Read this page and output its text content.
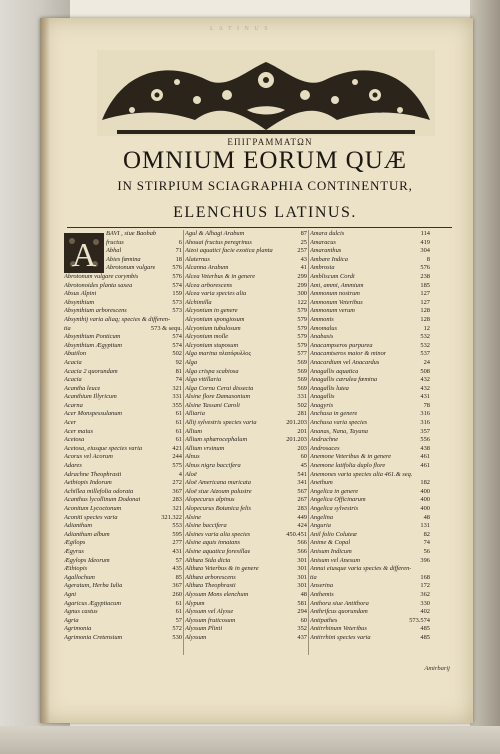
L A T I N U S
ΕΠΙΓΡΑΜΜΑΤΩΝ
OMNIUM EORUM QUÆ
IN STIRPIUM SCIAGRAPHIA CONTINENTUR,
ELENCHUS LATINUS.
BAVI , siue Baobab
fructus	6
Abhal	71
Abies fœmina	18
Abrotonum vulgare	576
Abrotonum vulgare corymbis	576
Abrotonoides planta saxea	574
Absus Alpini	159
Absynthium	573
Absynthium arborescens	573
Absynthij varia aliaq; species & differen-
tia	573 & sequ.
Absynthium Ponticum	574
Absynthium Ægyptium	574
Abutilon	502
Acacia	92
Acacia 2 quorundam	81
Acacia	74
Acantha leuce	321
Acanthium Illyricum	331
Acarna	355
Acer Monspessulanum	61
Acer	61
Acer maius	61
Acetosa	61
Acetosa, eiusque species varia	421
Acorus vel Acorum	244
Adares	575
Adrachne Theophrasti	4
Aethiopis Indorum	272
Achillea millefolia odorata	367
Acanthus lycollinum Dodonai	283
Aconitum Lycoctonum	321
Aconiti species varia	321.322
Adianthum	553
Adianthum album	595
Ægilops	277
Ægyrus	431
Ægylops Ideorum	57
Æthiopis	435
Agallochum	85
Ageratum, Herba Iulia	367
Agni	260
Agaricus Ægyptiacum	61
Agnus castus	61
Agria	57
Agrimonia	572
Agrimonia Cretensium	530
Agul & Alhagi Arabum	87
Ahouai fructus peregrinus	25
Aizoi aquatici facie exotica planta	257
Alaternus	43
Alcanna Arabum	41
Alcea Veterbus & in genere	299
Alcea arborescens	299
Alcea varia species alia	300
Alchimilla	122
Alcyonium in genere	579
Alcyonium spongiosum	579
Alcyonium tubulosum	579
Alcyonium molle	579
Alcyonium stuposum	579
Alga marina πλατύφυλλος	577
Alga	569
Alga crispa scabiosa	569
Alga vitillaria	569
Alga Cornu Cerui dissecta	569
Alsine flore Damasonium	331
Alsine Tassani Caroli	502
Alliaria	281
Allij sylvestris species varia	201.203
Allium	201
Allium sphærocephalum	201.203
Allium vrsinum	203
Alnus	60
Alnus nigra baccifera	45
Aloë	541
Aloë Americana muricata	341
Aloë siue Aizoum palustre	567
Alopecurus alpinus	267
Alopecurus Botanica felis	283
Alsine	449
Alsine baccifera	424
Alsines varia alia species	450.451
Alsine aquis innatans	566
Alsine aquatica foresillae	566
Althæa Sida dicta	301
Althæa Veterbus & in genere	301
Althæa arborescens	301
Althæa Theophrasti	301
Alyssum Mons elenchum	48
Alypum	581
Alyssum vel Alysse	294
Alyssum fruticosum	60
Alyssum Plinii	352
Alyssum	437
Amara dulcis	114
Amaracus	419
Amaranthus	304
Ambare Indica	8
Ambrosia	576
Ambliscum Cordi	238
Ami, ammi, Ammium	185
Ammonum nostrum	127
Ammonum Veteribus	127
Ammonum verum	128
Ammonis	128
Amomalus	12
Anabasis	532
Anacampseros purpurea	532
Anacamtseros maior & minor	537
Anacardium vel Anacardus	24
Anagallis aquatica	508
Anagallis cærulea fœmina	432
Anagallis lutea	432
Anagallis	431
Anagyris	78
Anchusa in genere	316
Anchusa varia species	316
Ananas, Nana, Tayana	357
Andrachne	556
Androsaces	438
Anemone Veteribus & in genere	461
Anemone latifolia duplo flore	461
Anemones varia species alia 461.& seq.
Anethum	182
Angelica in genere	400
Angelica Officinarum	400
Angelica sylvestris	400
Angelina	48
Anguria	131
Anil folio Coluteæ	82
Anime & Copal	74
Anisum Indicum	56
Anisum vel Anesum	396
Annui eiusque varia species & differen-
tia	168
Anserina	172
Anthemis	362
Anthora siue Antithora	330
Anthrifcus quorundam	402
Antipathes	573.574
Antirrhinum Veteribus	485
Antirrhini species varia	485
A
Amirbarij
